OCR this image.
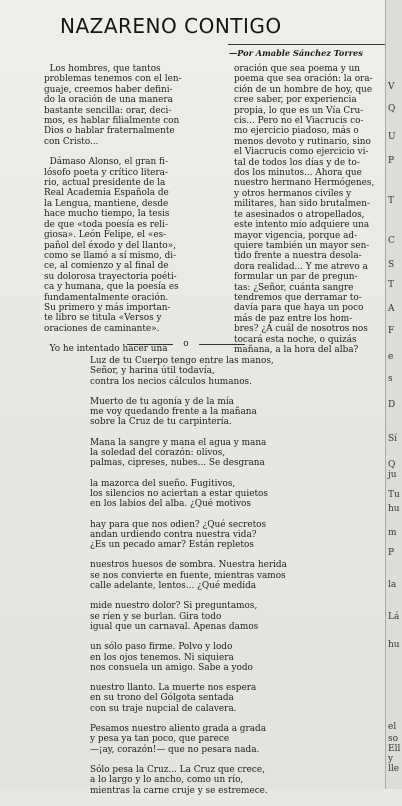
NAZARENO CONTIGO
—Por Amable Sánchez Torres

Los hombres, que tantos

problemas tenemos con el len-

guaje, creemos haber defini-

do la oración de una manera

bastante sencilla: orar, deci-

mos, es hablar filialmente con

Dios o hablar fraternalmente

con Cristo...

Dámaso Alonso, el gran fi-

lósofo poeta y crítico litera-

rio, actual presidente de la

Real Academia Española de

la Lengua, mantiene, desde

hace mucho tiempo, la tesis

de que «toda poesía es reli-

giosa». León Felipe, el «es-

pañol del éxodo y del llanto»,

como se llamó a sí mismo, di-

ce, al comienzo y al final de

su dolorosa trayectoria poéti-

ca y humana, que la poesía es

fundamentalmente oración.

Su primero y más importan-

te libro se titula «Versos y

oraciones de caminante».

Yo he intentado hacer una

oración que sea poema y un

poema que sea oración: la ora-

ción de un hombre de hoy, que

cree saber, por experiencia

propia, lo que es un Vía Cru-

cis... Pero no el Viacrucis co-

mo ejercicio piadoso, más o

menos devoto y rutinario, sino

el Viacrucis como ejercicio vi-

tal de todos los días y de to-

dos los minutos... Ahora que

nuestro hermano Hermógenes,

y otros hermanos civiles y

militares, han sido brutalmen-

te asesinados o atropellados,

este intento mío adquiere una

mayor vigencia, porque ad-

quiere también un mayor sen-

tido frente a nuestra desola-

dora realidad... Y me atrevo a

formular un par de pregun-

tas: ¿Señor, cuánta sangre

tendremos que derramar to-

davía para que haya un poco

más de paz entre los hom-

bres? ¿A cuál de nosotros nos

tocará esta noche, o quizás

mañana, a la hora del alba?

o

Luz de tu Cuerpo tengo entre las manos,

Señor, y harina útil todavía,

contra los necios cálculos humanos.

Muerto de tu agonía y de la mía

me voy quedando frente a la mañana

sobre la Cruz de tu carpintería.

Mana la sangre y mana el agua y mana

la soledad del corazón: olivos,

palmas, cipreses, nubes... Se desgrana

la mazorca del sueño. Fugitivos,

los silencios no aciertan a estar quietos

en los labios del alba. ¿Qué motivos

hay para que nos odien? ¿Qué secretos

andan urdiendo contra nuestra vida?

¿Es un pecado amar? Están repletos

nuestros huesos de sombra. Nuestra herida

se nos convierte en fuente, mientras vamos

calle adelante, lentos... ¿Qué medida

mide nuestro dolor? Si preguntamos,

se ríen y se burlan. Gira todo

igual que un carnaval. Apenas damos

un sólo paso firme. Polvo y lodo

en los ojos tenemos. Ni siquiera

nos consuela un amigo. Sabe a yodo

nuestro llanto. La muerte nos espera

en su trono del Gólgota sentada

con su traje nupcial de calavera.

Pesamos nuestro aliento grada a grada

y pesa ya tan poco, que parece

—¡ay, corazón!— que no pesara nada.

Sólo pesa la Cruz... La Cruz que crece,

a lo largo y lo ancho, como un río,

mientras la carne cruje y se estremece.

V
Q
U
P
T
C
S
T
A
F
e
s
D
Sí
Q
ju
Tu
hu
m
P
la
Lá
hu
el
so
Ell
y
lle
